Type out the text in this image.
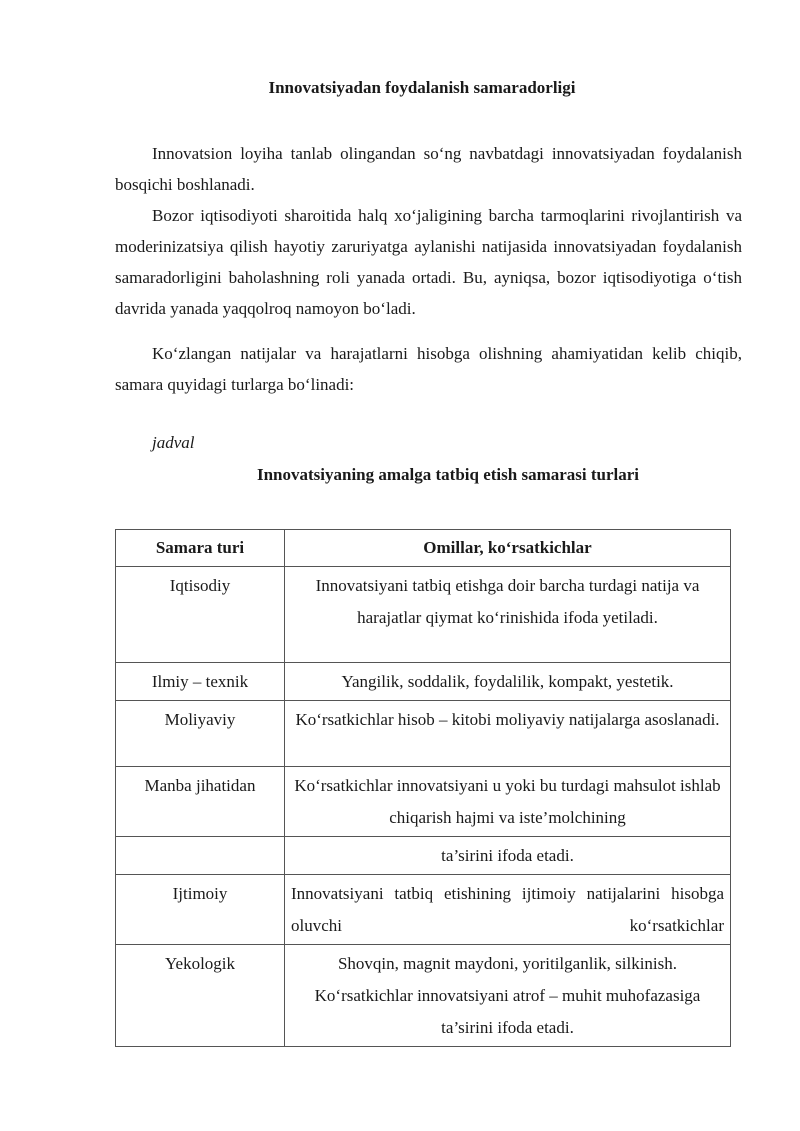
Innovatsiyadan foydalanish samaradorligi

Innovatsion loyiha tanlab olingandan so‘ng navbatdagi innovatsiyadan foydalanish bosqichi boshlanadi.

Bozor iqtisodiyoti sharoitida halq xo‘jaligining barcha tarmoqlarini rivojlantirish va moderinizatsiya qilish hayotiy zaruriyatga aylanishi natijasida innovatsiyadan foydalanish samaradorligini baholashning roli yanada ortadi. Bu, ayniqsa, bozor iqtisodiyotiga o‘tish davrida yanada yaqqolroq namoyon bo‘ladi.

Ko‘zlangan natijalar va harajatlarni hisobga olishning ahamiyatidan kelib chiqib, samara quyidagi turlarga bo‘linadi:

jadval
Innovatsiyaning amalga tatbiq etish samarasi turlari
Samara turi	Omillar, ko‘rsatkichlar
Iqtisodiy	Innovatsiyani tatbiq etishga doir barcha turdagi natija va harajatlar qiymat ko‘rinishida ifoda yetiladi.
Ilmiy – texnik	Yangilik, soddalik, foydalilik, kompakt, yestetik.
Moliyaviy	Ko‘rsatkichlar hisob – kitobi moliyaviy natijalarga asoslanadi.
Manba jihatidan	Ko‘rsatkichlar innovatsiyani u yoki bu turdagi mahsulot ishlab chiqarish hajmi va iste’molchining
	ta’sirini ifoda etadi.
Ijtimoiy	Innovatsiyani tatbiq etishining ijtimoiy natijalarini hisobga oluvchi ko‘rsatkichlar
Yekologik	Shovqin, magnit maydoni, yoritilganlik, silkinish. Ko‘rsatkichlar innovatsiyani atrof – muhit muhofazasiga ta’sirini ifoda etadi.
